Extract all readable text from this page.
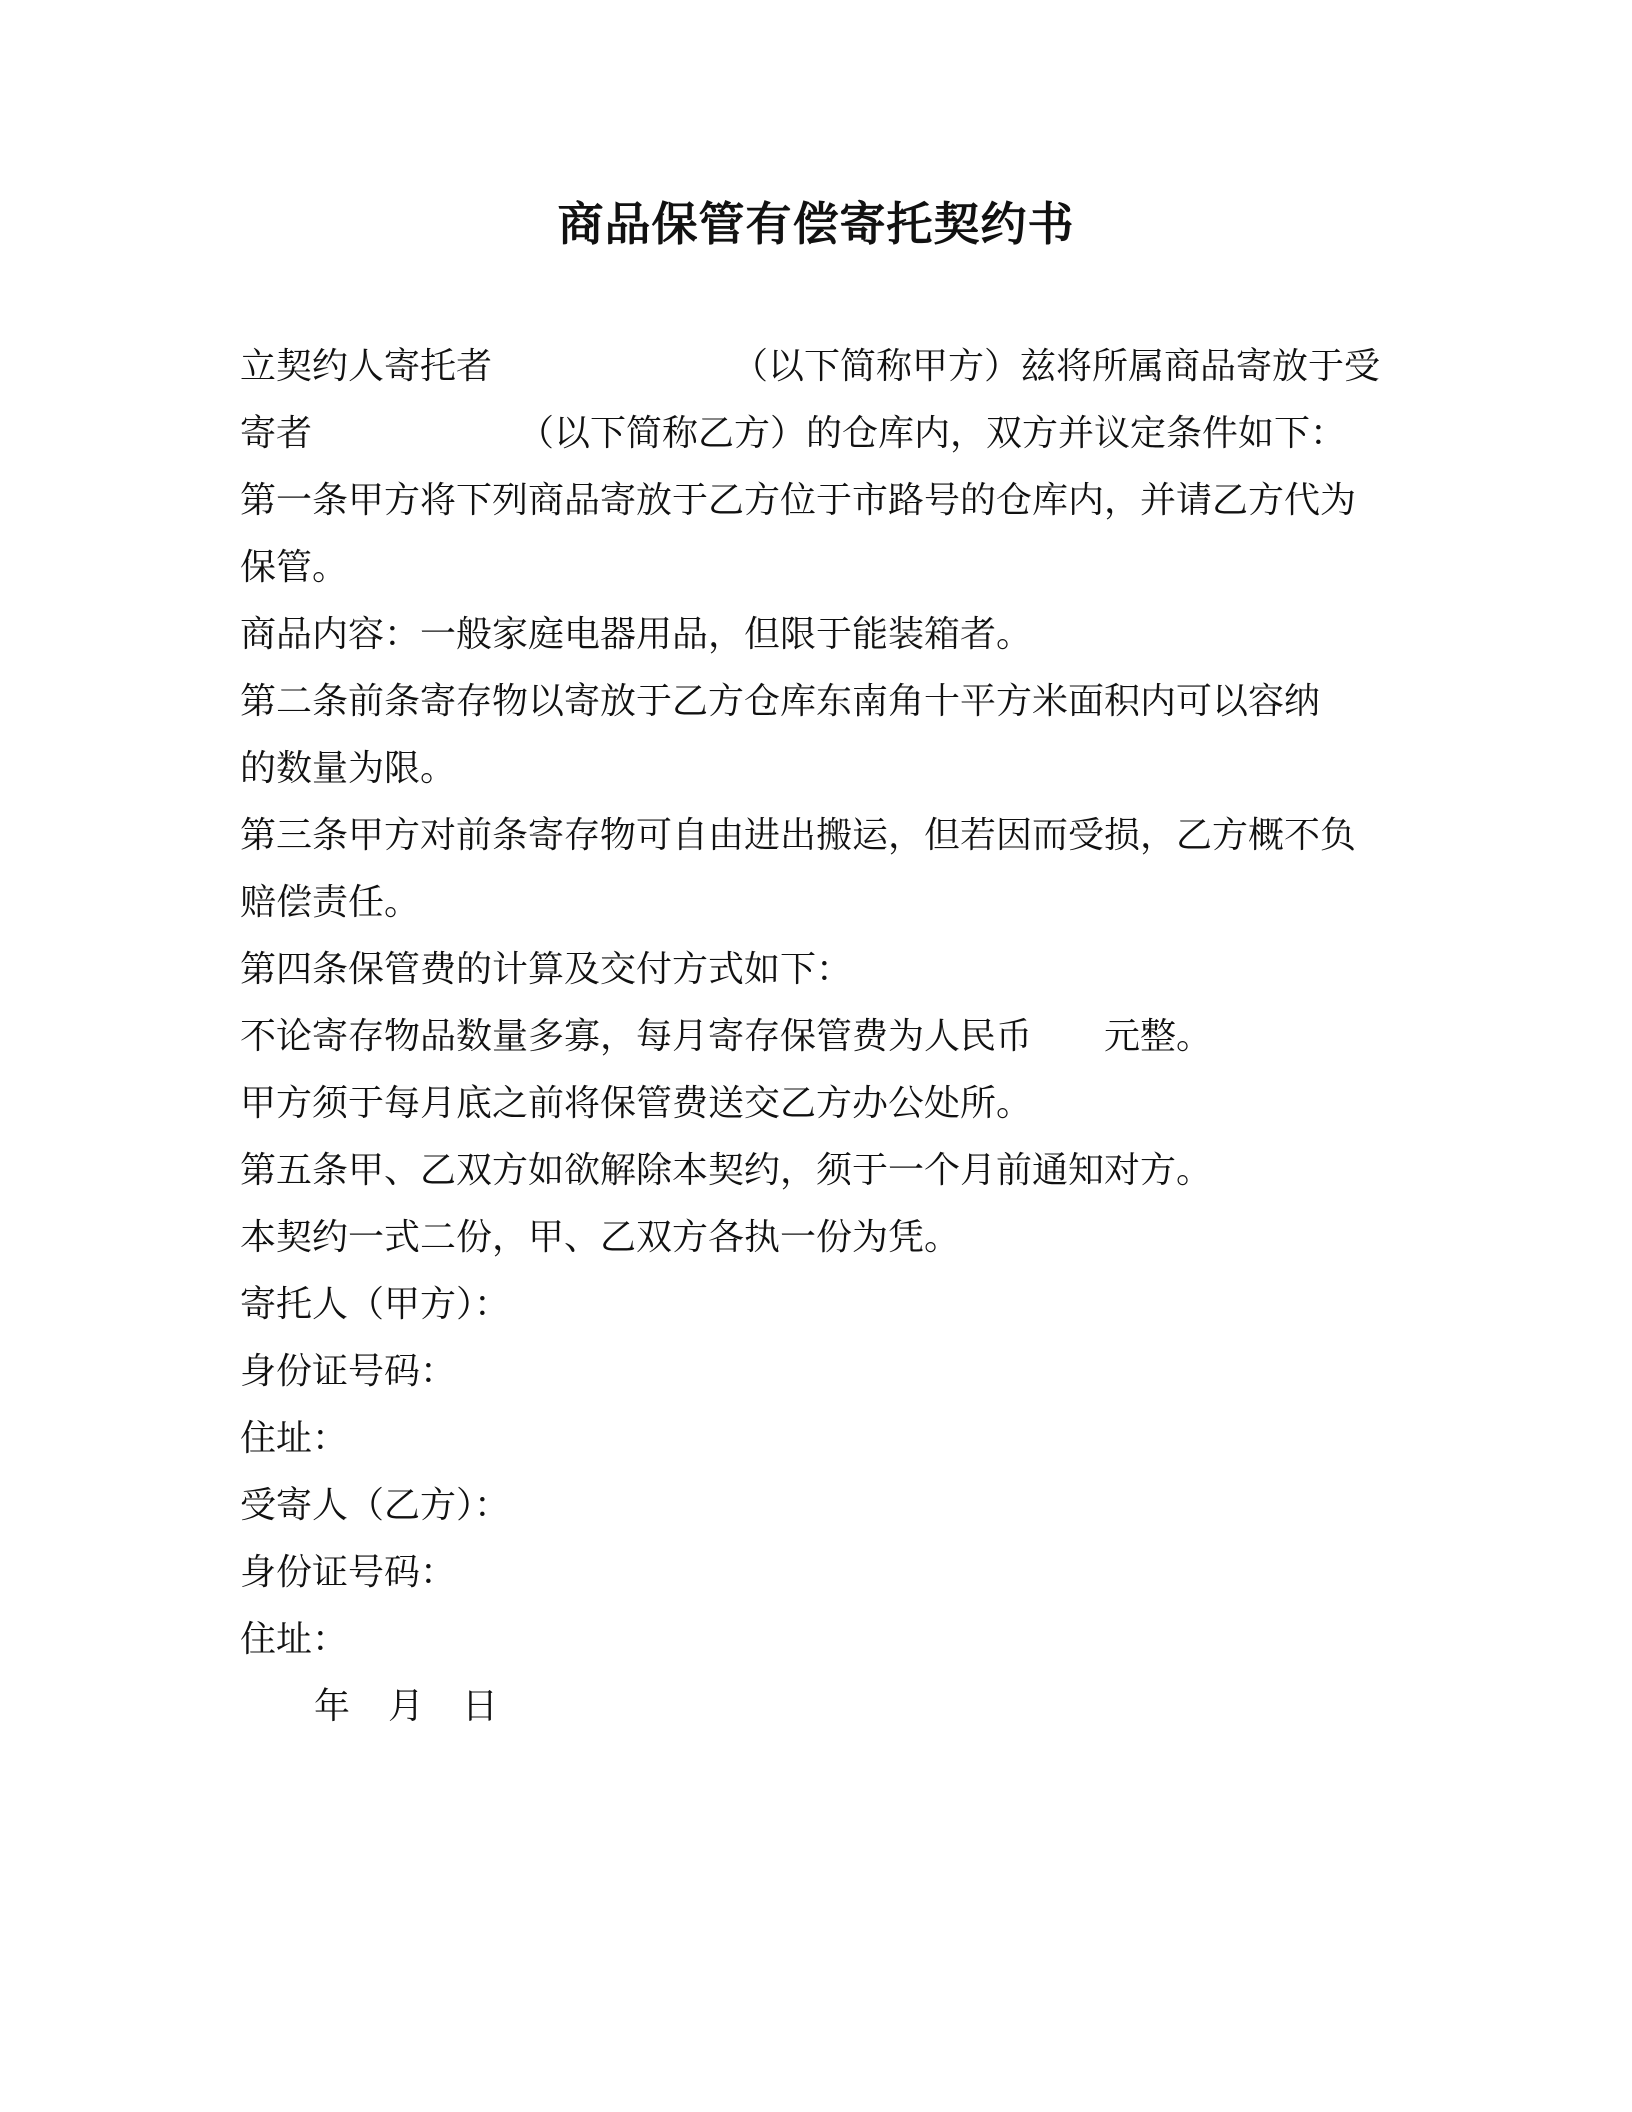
商品保管有偿寄托契约书
立契约人寄托者	（以下简称甲方）兹将所属商品寄放于受
寄者	（以下简称乙方）的仓库内，双方并议定条件如下：
第一条甲方将下列商品寄放于乙方位于市路号的仓库内，并请乙方代为
保管。
商品内容：一般家庭电器用品，但限于能装箱者。
第二条前条寄存物以寄放于乙方仓库东南角十平方米面积内可以容纳
的数量为限。
第三条甲方对前条寄存物可自由进出搬运，但若因而受损，乙方概不负
赔偿责任。
第四条保管费的计算及交付方式如下：
不论寄存物品数量多寡，每月寄存保管费为人民币 元整。
甲方须于每月底之前将保管费送交乙方办公处所。
第五条甲、乙双方如欲解除本契约，须于一个月前通知对方。
本契约一式二份，甲、乙双方各执一份为凭。
寄托人（甲方）：
身份证号码：
住址：
受寄人（乙方）：
身份证号码：
住址：
年 月 日
